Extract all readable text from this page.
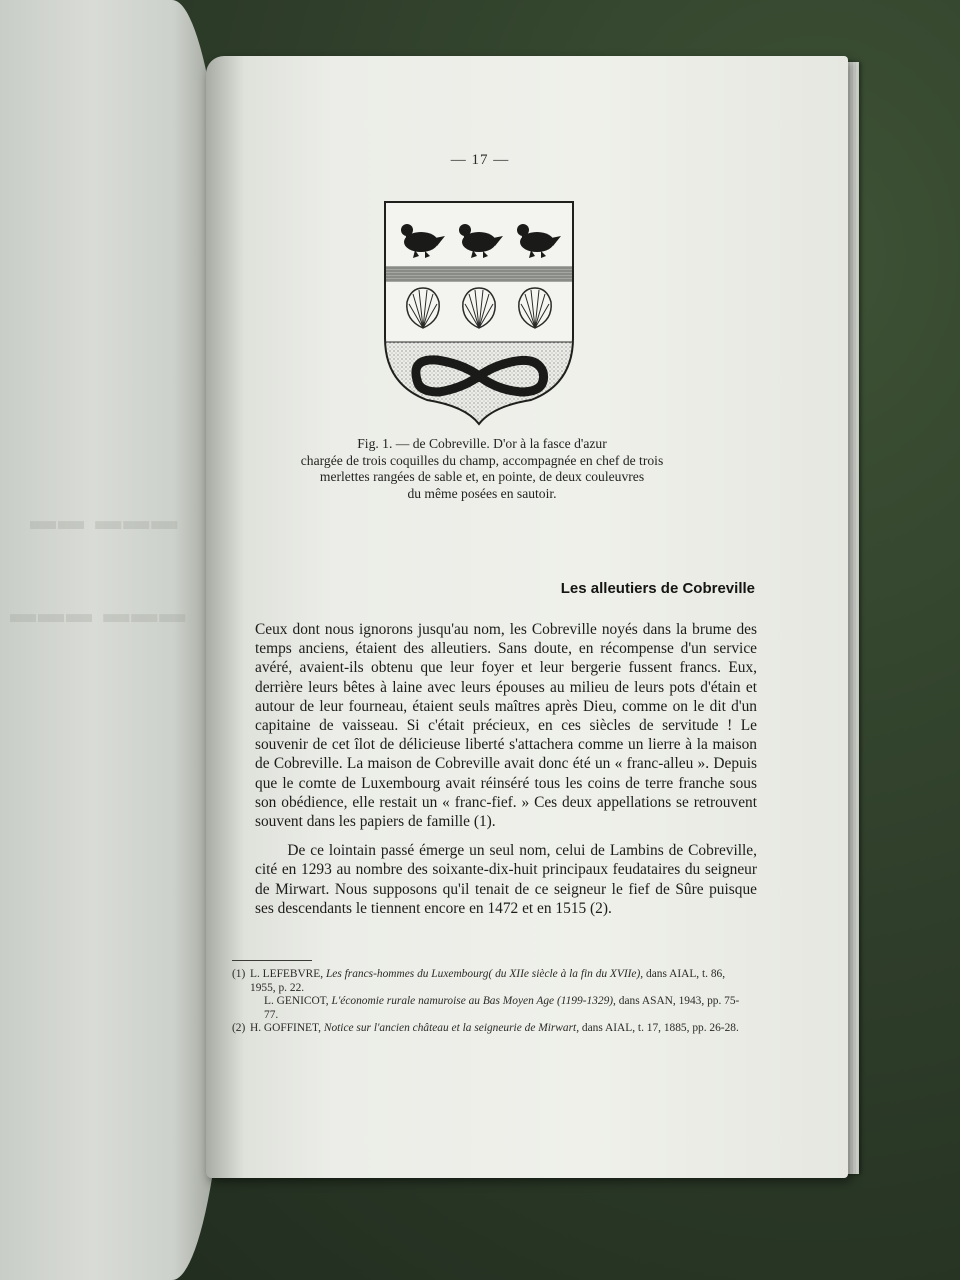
▬▬ ▬▬▬
▬▬▬ ▬▬▬
— 17 —
Fig. 1. — de Cobreville. D'or à la fasce d'azur
chargée de trois coquilles du champ, accompagnée en chef de trois
merlettes rangées de sable et, en pointe, de deux couleuvres
du même posées en sautoir.
Les alleutiers de Cobreville

Ceux dont nous ignorons jusqu'au nom, les Cobreville noyés dans la brume des temps anciens, étaient des alleutiers. Sans doute, en récompense d'un service avéré, avaient-ils obtenu que leur foyer et leur bergerie fussent francs. Eux, derrière leurs bêtes à laine avec leurs épouses au milieu de leurs pots d'étain et autour de leur fourneau, étaient seuls maîtres après Dieu, comme on le dit d'un capitaine de vaisseau. Si c'était précieux, en ces siècles de servitude ! Le souvenir de cet îlot de délicieuse liberté s'attachera comme un lierre à la maison de Cobreville. La maison de Cobreville avait donc été un « franc-alleu ». Depuis que le comte de Luxembourg avait réinséré tous les coins de terre franche sous son obédience, elle restait un « franc-fief. » Ces deux appellations se retrouvent souvent dans les papiers de famille (1).

De ce lointain passé émerge un seul nom, celui de Lambins de Cobreville, cité en 1293 au nombre des soixante-dix-huit principaux feudataires du seigneur de Mirwart. Nous supposons qu'il tenait de ce seigneur le fief de Sûre puisque ses descendants le tiennent encore en 1472 et en 1515 (2).

(1) L. LEFEBVRE, Les francs-hommes du Luxembourg( du XIIe siècle à la fin du XVIIe), dans AIAL, t. 86, 1955, p. 22.
L. GENICOT, L'économie rurale namuroise au Bas Moyen Age (1199-1329), dans ASAN, 1943, pp. 75-77.
(2) H. GOFFINET, Notice sur l'ancien château et la seigneurie de Mirwart, dans AIAL, t. 17, 1885, pp. 26-28.
